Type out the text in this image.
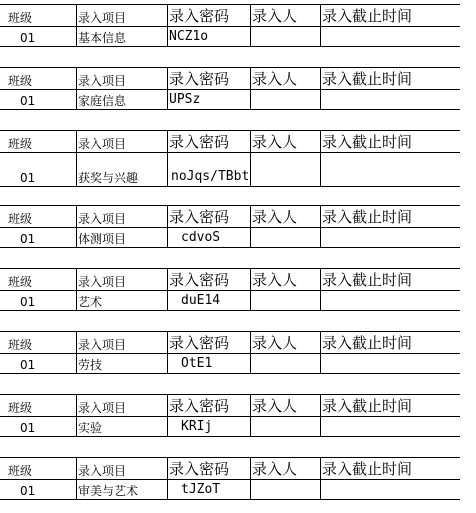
班级	录入项目	录入密码	录入人	录入截止时间
01	基本信息	NCZ1o
班级	录入项目	录入密码	录入人	录入截止时间
01	家庭信息	UPSz
班级	录入项目	录入密码	录入人	录入截止时间
01	获奖与兴趣	noJqs/TBbt
班级	录入项目	录入密码	录入人	录入截止时间
01	体测项目	cdvoS
班级	录入项目	录入密码	录入人	录入截止时间
01	艺术	duE14
班级	录入项目	录入密码	录入人	录入截止时间
01	劳技	OtE1
班级	录入项目	录入密码	录入人	录入截止时间
01	实验	KRIj
班级	录入项目	录入密码	录入人	录入截止时间
01	审美与艺术	tJZoT
